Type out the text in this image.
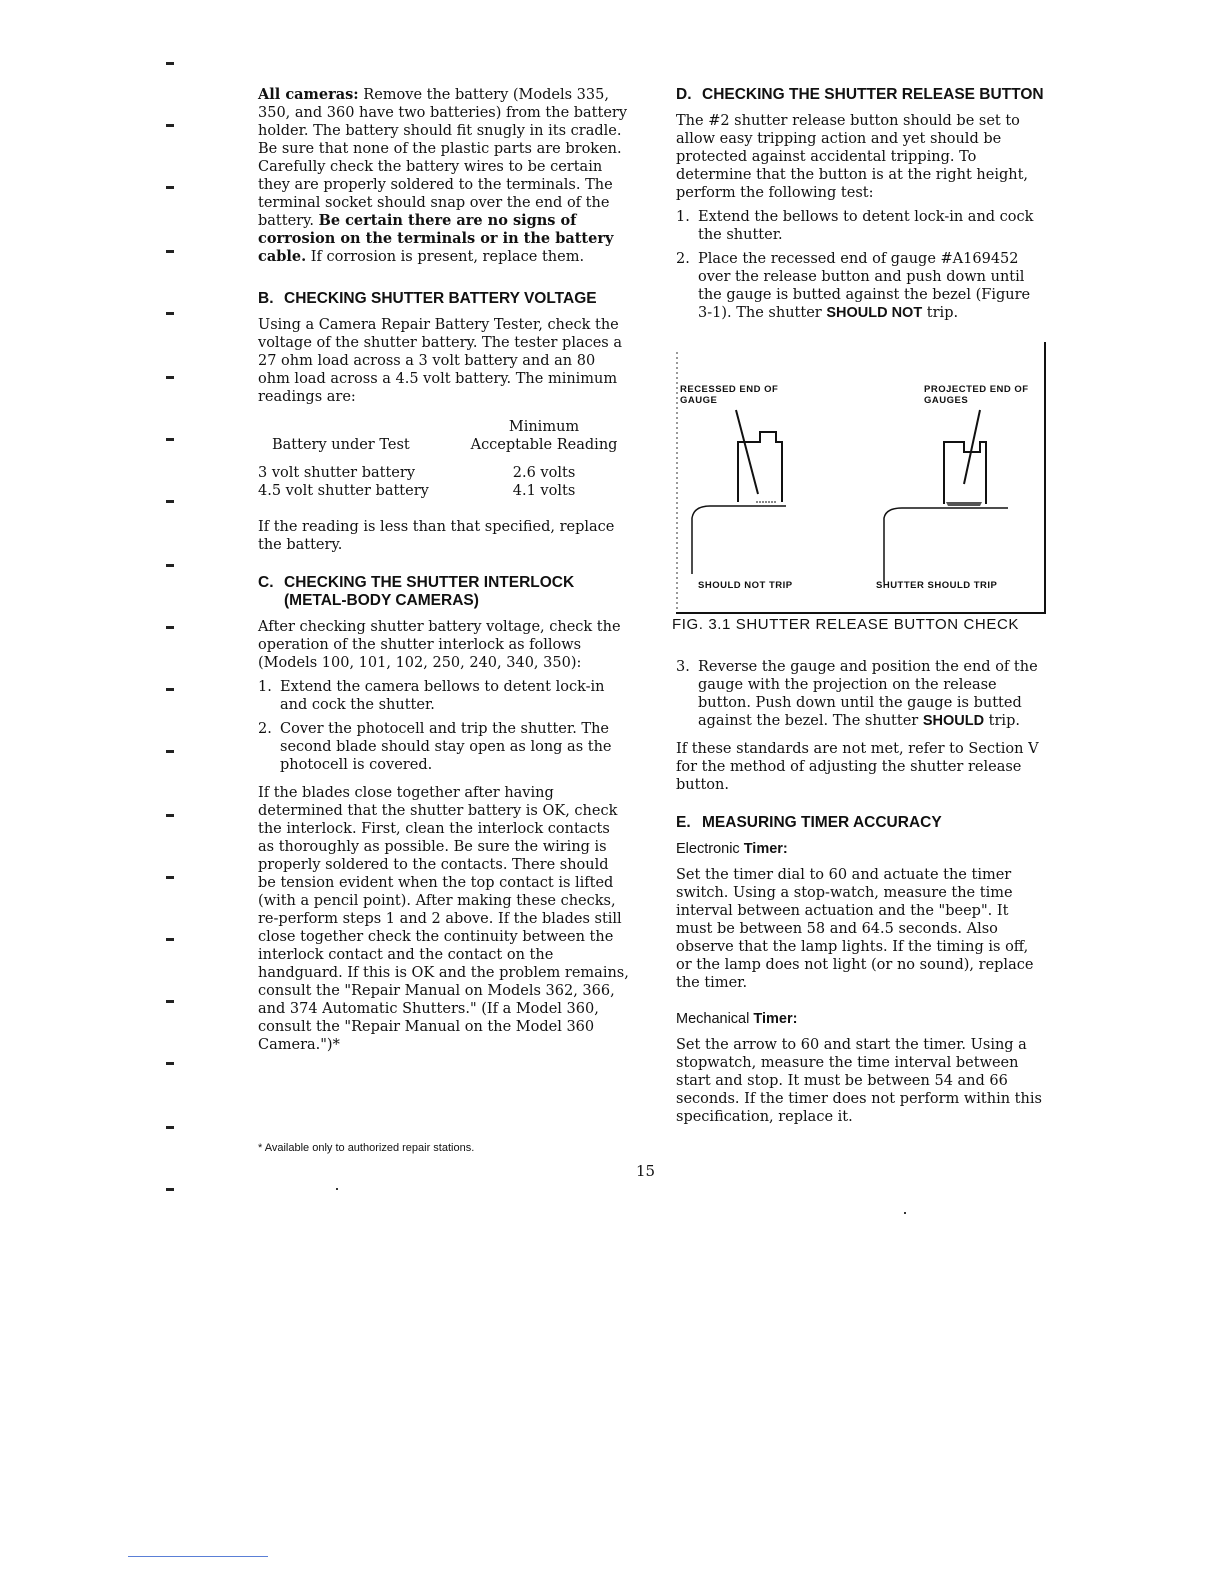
All cameras: Remove the battery (Models 335, 350, and 360 have two batteries) from the battery holder. The battery should fit snugly in its cradle. Be sure that none of the plastic parts are broken. Carefully check the battery wires to be certain they are properly soldered to the terminals. The terminal socket should snap over the end of the battery. Be certain there are no signs of corrosion on the terminals or in the battery cable. If corrosion is present, replace them.

B. CHECKING SHUTTER BATTERY VOLTAGE

Using a Camera Repair Battery Tester, check the voltage of the shutter battery. The tester places a 27 ohm load across a 3 volt battery and an 80 ohm load across a 4.5 volt battery. The minimum readings are:

Battery under Test	Minimum
Acceptable Reading
3 volt shutter battery	2.6 volts
4.5 volt shutter battery	4.1 volts

If the reading is less than that specified, replace the battery.

C. CHECKING THE SHUTTER INTERLOCK (METAL-BODY CAMERAS)

After checking shutter battery voltage, check the operation of the shutter interlock as follows (Models 100, 101, 102, 250, 240, 340, 350):

1. Extend the camera bellows to detent lock-in and cock the shutter.
2. Cover the photocell and trip the shutter. The second blade should stay open as long as the photocell is covered.

If the blades close together after having determined that the shutter battery is OK, check the interlock. First, clean the interlock contacts as thoroughly as possible. Be sure the wiring is properly soldered to the contacts. There should be tension evident when the top contact is lifted (with a pencil point). After making these checks, re-perform steps 1 and 2 above. If the blades still close together check the continuity between the interlock contact and the contact on the handguard. If this is OK and the problem remains, consult the "Repair Manual on Models 362, 366, and 374 Automatic Shutters." (If a Model 360, consult the "Repair Manual on the Model 360 Camera.")*

* Available only to authorized repair stations.
D. CHECKING THE SHUTTER RELEASE BUTTON

The #2 shutter release button should be set to allow easy tripping action and yet should be protected against accidental tripping. To determine that the button is at the right height, perform the following test:

1. Extend the bellows to detent lock-in and cock the shutter.
2. Place the recessed end of gauge #A169452 over the release button and push down until the gauge is butted against the bezel (Figure 3-1). The shutter SHOULD NOT trip.
RECESSED END OF GAUGE
PROJECTED END OF GAUGES
SHOULD NOT TRIP	SHUTTER SHOULD TRIP
FIG. 3.1 SHUTTER RELEASE BUTTON CHECK
3. Reverse the gauge and position the end of the gauge with the projection on the release button. Push down until the gauge is butted against the bezel. The shutter SHOULD trip.

If these standards are not met, refer to Section V for the method of adjusting the shutter release button.

E. MEASURING TIMER ACCURACY
Electronic Timer:

Set the timer dial to 60 and actuate the timer switch. Using a stop-watch, measure the time interval between actuation and the "beep". It must be between 58 and 64.5 seconds. Also observe that the lamp lights. If the timing is off, or the lamp does not light (or no sound), replace the timer.

Mechanical Timer:

Set the arrow to 60 and start the timer. Using a stopwatch, measure the time interval between start and stop. It must be between 54 and 66 seconds. If the timer does not perform within this specification, replace it.

15
